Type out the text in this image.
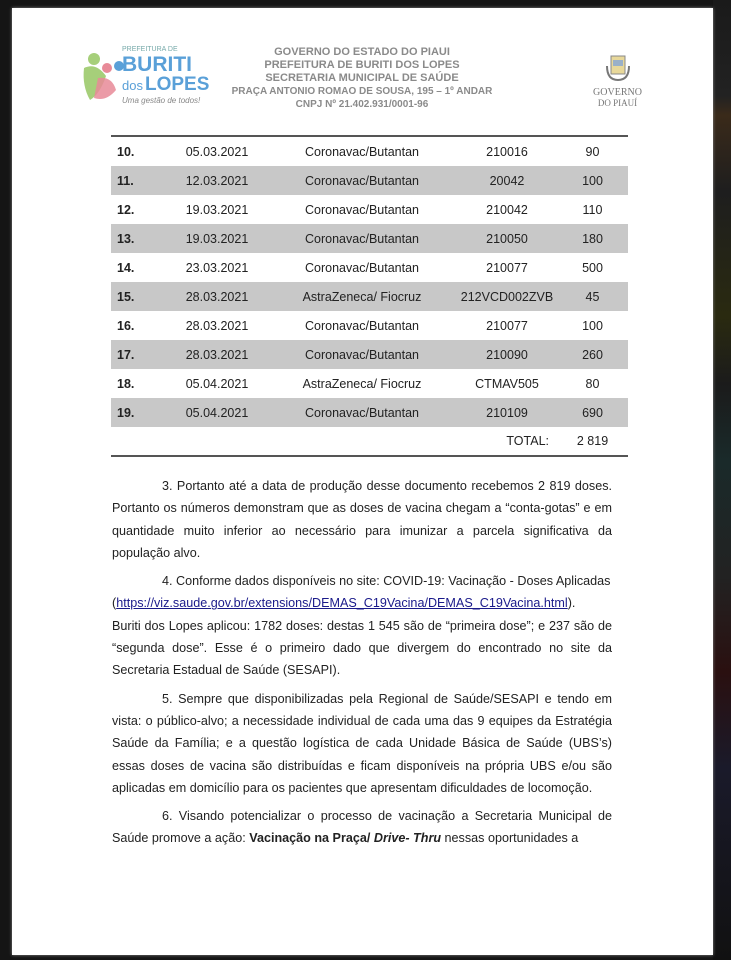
PREFEITURA DE
BURITI
dos LOPES
Uma gestão de todos!
GOVERNO DO ESTADO DO PIAUI
PREFEITURA DE BURITI DOS LOPES
SECRETARIA MUNICIPAL DE SAÚDE
PRAÇA ANTONIO ROMAO DE SOUSA, 195 – 1º ANDAR
CNPJ Nº 21.402.931/0001-96
GOVERNO
DO PIAUÍ
10.	05.03.2021	Coronavac/Butantan	210016	90
11.	12.03.2021	Coronavac/Butantan	20042	100
12.	19.03.2021	Coronavac/Butantan	210042	110
13.	19.03.2021	Coronavac/Butantan	210050	180
14.	23.03.2021	Coronavac/Butantan	210077	500
15.	28.03.2021	AstraZeneca/ Fiocruz	212VCD002ZVB	45
16.	28.03.2021	Coronavac/Butantan	210077	100
17.	28.03.2021	Coronavac/Butantan	210090	260
18.	05.04.2021	AstraZeneca/ Fiocruz	CTMAV505	80
19.	05.04.2021	Coronavac/Butantan	210109	690
			TOTAL:	2 819

3. Portanto até a data de produção desse documento recebemos 2 819 doses. Portanto os números demonstram que as doses de vacina chegam a “conta-gotas” e em quantidade muito inferior ao necessário para imunizar a parcela significativa da população alvo.

4. Conforme dados disponíveis no site: COVID-19: Vacinação - Doses Aplicadas
(https://viz.saude.gov.br/extensions/DEMAS_C19Vacina/DEMAS_C19Vacina.html).
Buriti dos Lopes aplicou: 1782 doses: destas 1 545 são de “primeira dose”; e 237 são de “segunda dose”. Esse é o primeiro dado que divergem do encontrado no site da Secretaria Estadual de Saúde (SESAPI).

5. Sempre que disponibilizadas pela Regional de Saúde/SESAPI e tendo em vista: o público-alvo; a necessidade individual de cada uma das 9 equipes da Estratégia Saúde da Família; e a questão logística de cada Unidade Básica de Saúde (UBS’s) essas doses de vacina são distribuídas e ficam disponíveis na própria UBS e/ou são aplicadas em domicílio para os pacientes que apresentam dificuldades de locomoção.

6. Visando potencializar o processo de vacinação a Secretaria Municipal de Saúde promove a ação: Vacinação na Praça/ Drive- Thru nessas oportunidades a
